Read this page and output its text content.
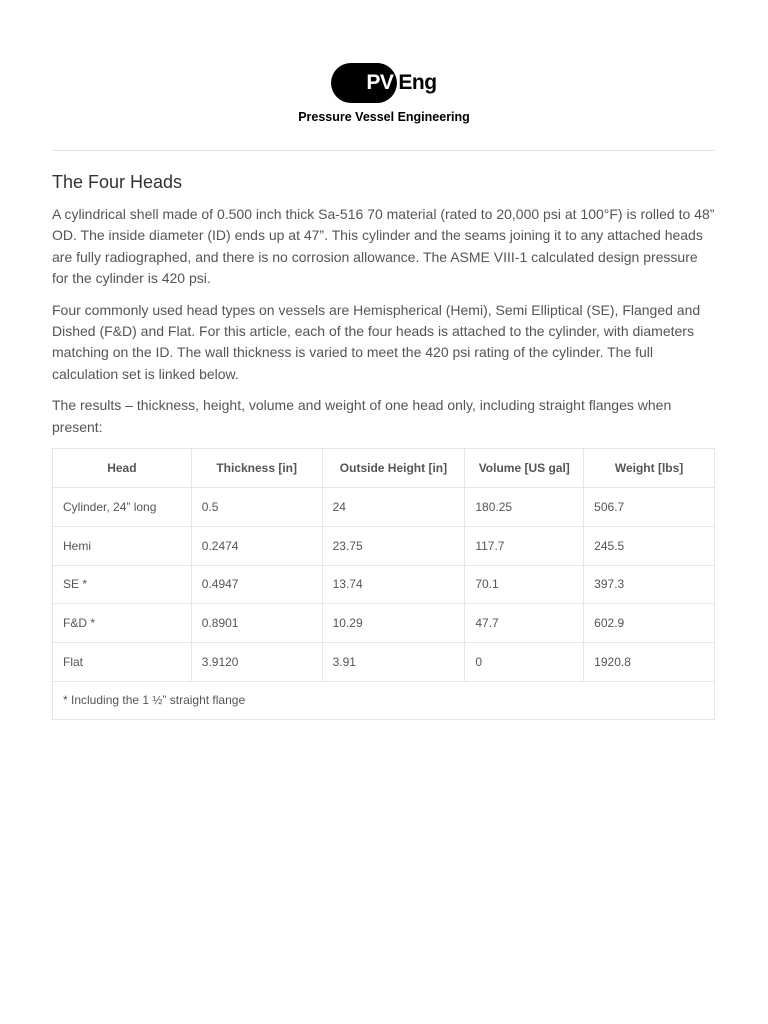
PV Eng
Pressure Vessel Engineering
The Four Heads

A cylindrical shell made of 0.500 inch thick Sa-516 70 material (rated to 20,000 psi at 100°F) is rolled to 48” OD. The inside diameter (ID) ends up at 47”. This cylinder and the seams joining it to any attached heads are fully radiographed, and there is no corrosion allowance. The ASME VIII-1 calculated design pressure for the cylinder is 420 psi.

Four commonly used head types on vessels are Hemispherical (Hemi), Semi Elliptical (SE), Flanged and Dished (F&D) and Flat. For this article, each of the four heads is attached to the cylinder, with diameters matching on the ID. The wall thickness is varied to meet the 420 psi rating of the cylinder. The full calculation set is linked below.

The results – thickness, height, volume and weight of one head only, including straight flanges when present:

Head	Thickness [in]	Outside Height [in]	Volume [US gal]	Weight [lbs]
Cylinder, 24” long	0.5	24	180.25	506.7
Hemi	0.2474	23.75	117.7	245.5
SE *	0.4947	13.74	70.1	397.3
F&D *	0.8901	10.29	47.7	602.9
Flat	3.9120	3.91	0	1920.8
* Including the 1 ½” straight flange				
